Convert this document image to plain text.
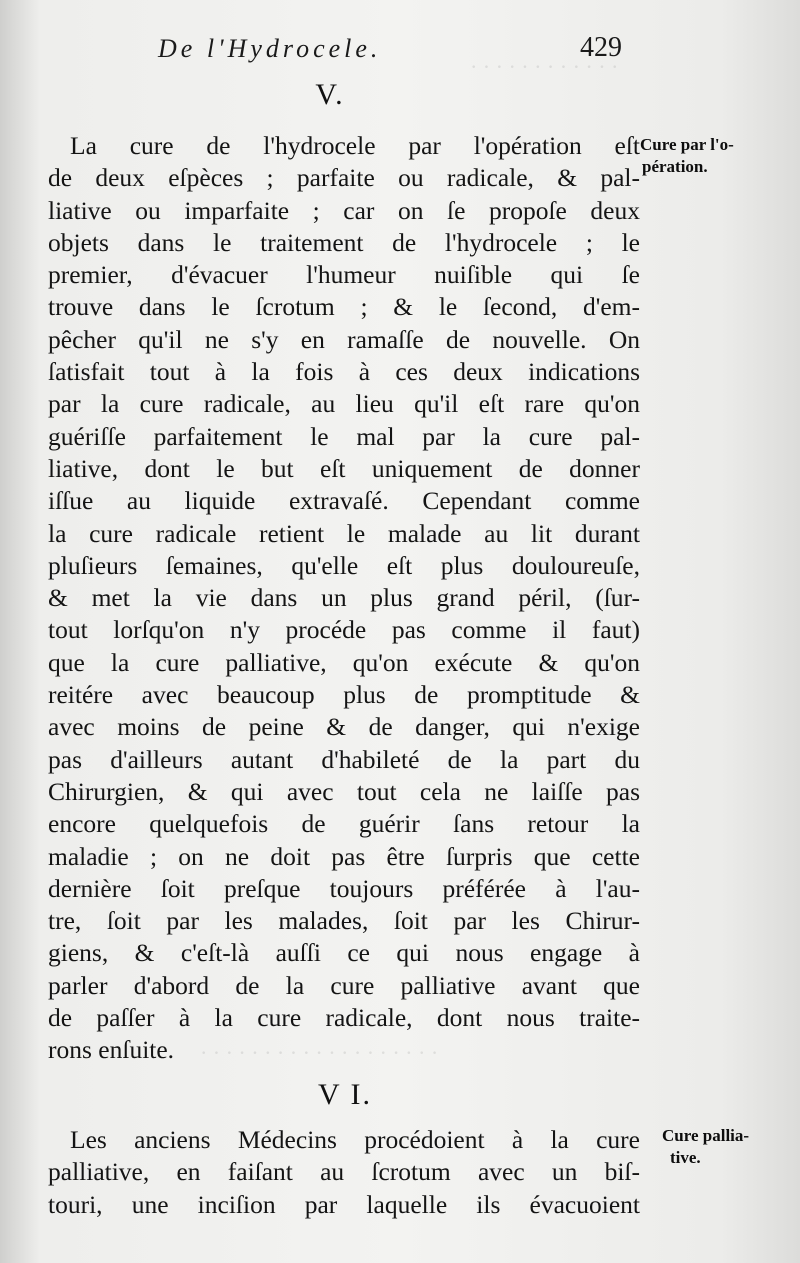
· · · · · · · · · · · ·
· · · · · · · · · · · · · · · · · · ·
De l'Hydrocele.	429
V.
La cure de l'hydrocele par l'opération eſt
de deux eſpèces ; parfaite ou radicale, & pal-
liative ou imparfaite ; car on ſe propoſe deux
objets dans le traitement de l'hydrocele ; le
premier, d'évacuer l'humeur nuiſible qui ſe
trouve dans le ſcrotum ; & le ſecond, d'em-
pêcher qu'il ne s'y en ramaſſe de nouvelle. On
ſatisfait tout à la fois à ces deux indications
par la cure radicale, au lieu qu'il eſt rare qu'on
guériſſe parfaitement le mal par la cure pal-
liative, dont le but eſt uniquement de donner
iſſue au liquide extravaſé. Cependant comme
la cure radicale retient le malade au lit durant
pluſieurs ſemaines, qu'elle eſt plus douloureuſe,
& met la vie dans un plus grand péril, (ſur-
tout lorſqu'on n'y procéde pas comme il faut)
que la cure palliative, qu'on exécute & qu'on
reitére avec beaucoup plus de promptitude &
avec moins de peine & de danger, qui n'exige
pas d'ailleurs autant d'habileté de la part du
Chirurgien, & qui avec tout cela ne laiſſe pas
encore quelquefois de guérir ſans retour la
maladie ; on ne doit pas être ſurpris que cette
dernière ſoit preſque toujours préférée à l'au-
tre, ſoit par les malades, ſoit par les Chirur-
giens, & c'eſt-là auſſi ce qui nous engage à
parler d'abord de la cure palliative avant que
de paſſer à la cure radicale, dont nous traite-
rons enſuite.
Cure par l'o-
pération.
V I.
Les anciens Médecins procédoient à la cure
palliative, en faiſant au ſcrotum avec un biſ-
touri, une inciſion par laquelle ils évacuoient
Cure pallia-
tive.
